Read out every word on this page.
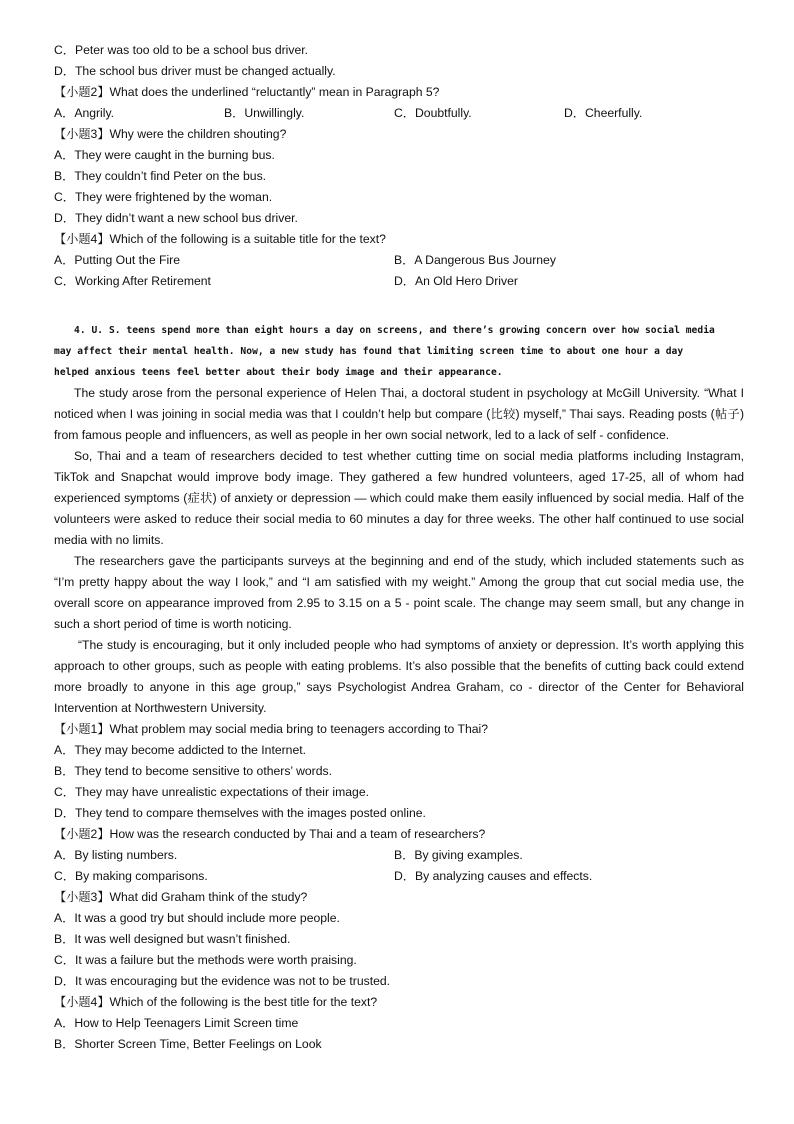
C．Peter was too old to be a school bus driver.
D．The school bus driver must be changed actually.
【小题2】What does the underlined “reluctantly” mean in Paragraph 5?
A．Angrily.	B．Unwillingly.	C．Doubtfully.	D．Cheerfully.
【小题3】Why were the children shouting?
A．They were caught in the burning bus.
B．They couldn’t find Peter on the bus.
C．They were frightened by the woman.
D．They didn’t want a new school bus driver.
【小题4】Which of the following is a suitable title for the text?
A．Putting Out the Fire	B．A Dangerous Bus Journey
C．Working After Retirement	D．An Old Hero Driver
4. U. S. teens spend more than eight hours a day on screens, and there’s growing concern over how social media
may affect their mental health. Now, a new study has found that limiting screen time to about one hour a day
helped anxious teens feel better about their body image and their appearance.
The study arose from the personal experience of Helen Thai, a doctoral student in psychology at McGill University. “What I noticed when I was joining in social media was that I couldn’t help but compare (比较) myself,” Thai says. Reading posts (帖子) from famous people and influencers, as well as people in her own social network, led to a lack of self - confidence.
So, Thai and a team of researchers decided to test whether cutting time on social media platforms including Instagram, TikTok and Snapchat would improve body image. They gathered a few hundred volunteers, aged 17-25, all of whom had experienced symptoms (症状) of anxiety or depression — which could make them easily influenced by social media. Half of the volunteers were asked to reduce their social media to 60 minutes a day for three weeks. The other half continued to use social media with no limits.
The researchers gave the participants surveys at the beginning and end of the study, which included statements such as “I’m pretty happy about the way I look,” and “I am satisfied with my weight.” Among the group that cut social media use, the overall score on appearance improved from 2.95 to 3.15 on a 5 - point scale. The change may seem small, but any change in such a short period of time is worth noticing.
“The study is encouraging, but it only included people who had symptoms of anxiety or depression. It’s worth applying this approach to other groups, such as people with eating problems. It’s also possible that the benefits of cutting back could extend more broadly to anyone in this age group,” says Psychologist Andrea Graham, co - director of the Center for Behavioral Intervention at Northwestern University.
【小题1】What problem may social media bring to teenagers according to Thai?
A．They may become addicted to the Internet.
B．They tend to become sensitive to others’ words.
C．They may have unrealistic expectations of their image.
D．They tend to compare themselves with the images posted online.
【小题2】How was the research conducted by Thai and a team of researchers?
A．By listing numbers.	B．By giving examples.
C．By making comparisons.	D．By analyzing causes and effects.
【小题3】What did Graham think of the study?
A．It was a good try but should include more people.
B．It was well designed but wasn’t finished.
C．It was a failure but the methods were worth praising.
D．It was encouraging but the evidence was not to be trusted.
【小题4】Which of the following is the best title for the text?
A．How to Help Teenagers Limit Screen time
B．Shorter Screen Time, Better Feelings on Look
